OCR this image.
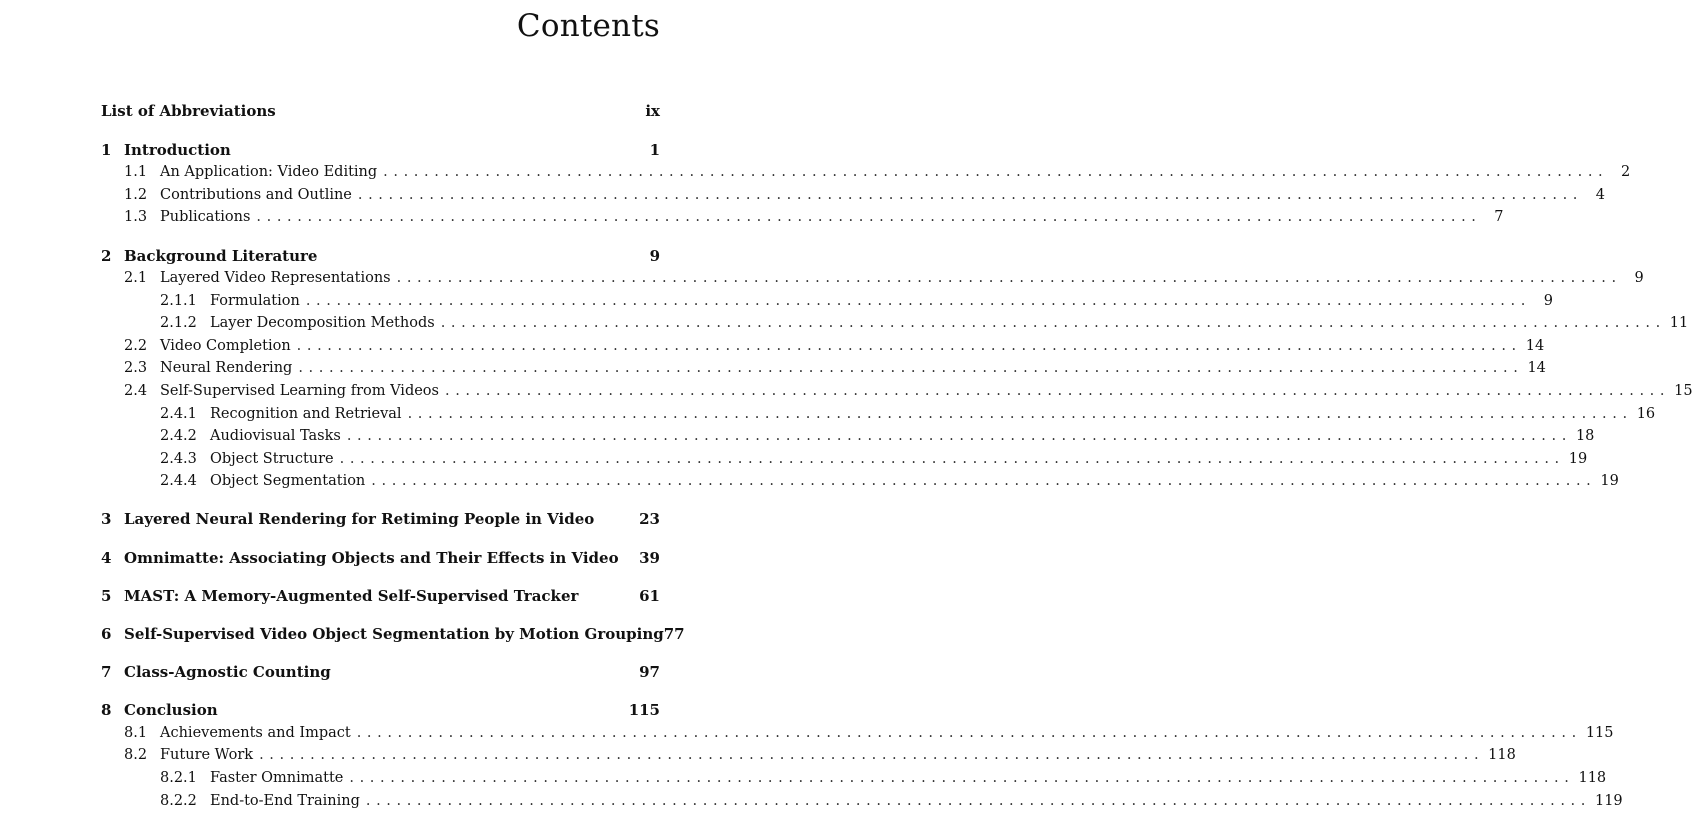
Contents
List of Abbreviations	ix
1 Introduction	1
1.1 An Application: Video Editing ........................................................................................................................ 2
1.2 Contributions and Outline ........................................................................................................................ 4
1.3 Publications ........................................................................................................................ 7
2 Background Literature	9
2.1 Layered Video Representations ........................................................................................................................ 9
2.1.1 Formulation ........................................................................................................................ 9
2.1.2 Layer Decomposition Methods ........................................................................................................................ 11
2.2 Video Completion ........................................................................................................................ 14
2.3 Neural Rendering ........................................................................................................................ 14
2.4 Self-Supervised Learning from Videos ........................................................................................................................ 15
2.4.1 Recognition and Retrieval ........................................................................................................................ 16
2.4.2 Audiovisual Tasks ........................................................................................................................ 18
2.4.3 Object Structure ........................................................................................................................ 19
2.4.4 Object Segmentation ........................................................................................................................ 19
3 Layered Neural Rendering for Retiming People in Video	23
4 Omnimatte: Associating Objects and Their Effects in Video 39
5 MAST: A Memory-Augmented Self-Supervised Tracker	61
6 Self-Supervised Video Object Segmentation by Motion Grouping 77
7 Class-Agnostic Counting	97
8 Conclusion	115
8.1 Achievements and Impact ........................................................................................................................ 115
8.2 Future Work ........................................................................................................................ 118
8.2.1 Faster Omnimatte ........................................................................................................................ 118
8.2.2 End-to-End Training ........................................................................................................................ 119
